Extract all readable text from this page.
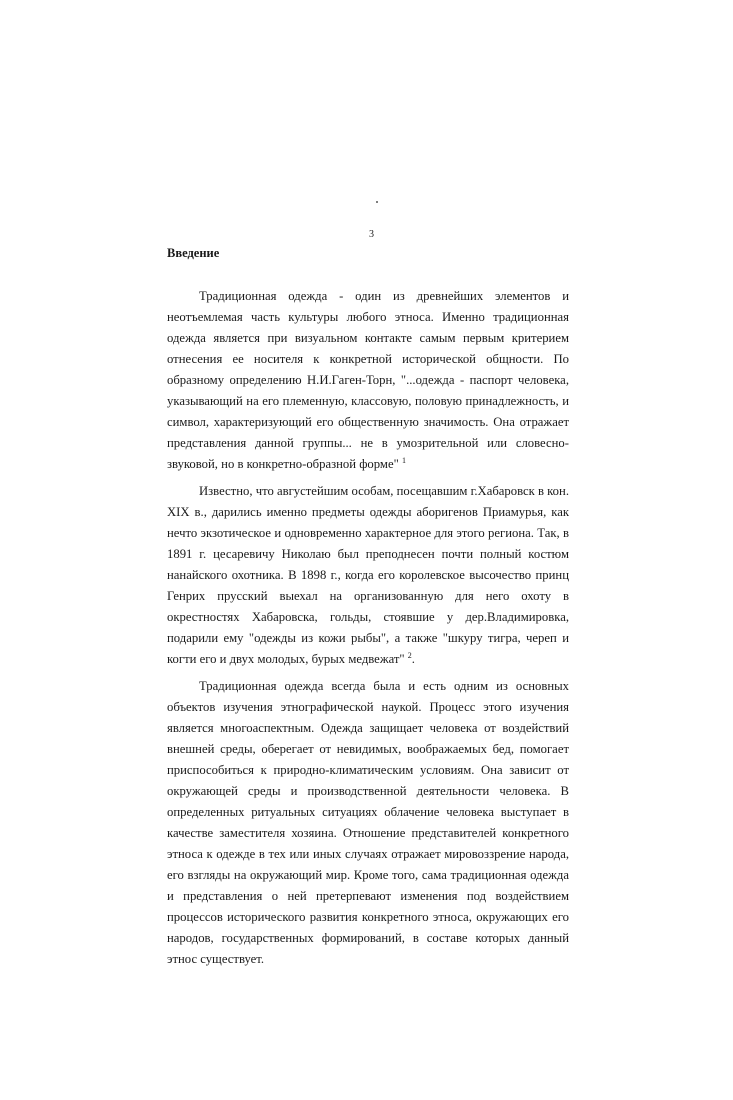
3
Введение

Традиционная одежда - один из древнейших элементов и неотъемлемая часть культуры любого этноса. Именно традиционная одежда является при визуальном контакте самым первым критерием отнесения ее носителя к конкретной исторической общности. По образному определению Н.И.Гаген-Торн, "...одежда - паспорт человека, указывающий на его племенную, классовую, половую принадлежность, и символ, характеризующий его общественную значимость. Она отражает представления данной группы... не в умозрительной или словесно-звуковой, но в конкретно-образной форме" $^1$

Известно, что августейшим особам, посещавшим г.Хабаровск в кон. XIX в., дарились именно предметы одежды аборигенов Приамурья, как нечто экзотическое и одновременно характерное для этого региона. Так, в 1891 г. цесаревичу Николаю был преподнесен почти полный костюм нанайского охотника. В 1898 г., когда его королевское высочество принц Генрих прусский выехал на организованную для него охоту в окрестностях Хабаровска, гольды, стоявшие у дер.Владимировка, подарили ему "одежды из кожи рыбы", а также "шкуру тигра, череп и когти его и двух молодых, бурых медвежат" $^2$.

Традиционная одежда всегда была и есть одним из основных объектов изучения этнографической наукой. Процесс этого изучения является многоаспектным. Одежда защищает человека от воздействий внешней среды, оберегает от невидимых, воображаемых бед, помогает приспособиться к природно-климатическим условиям. Она зависит от окружающей среды и производственной деятельности человека. В определенных ритуальных ситуациях облачение человека выступает в качестве заместителя хозяина. Отношение представителей конкретного этноса к одежде в тех или иных случаях отражает мировоззрение народа, его взгляды на окружающий мир. Кроме того, сама традиционная одежда и представления о ней претерпевают изменения под воздействием процессов исторического развития конкретного этноса, окружающих его народов, государственных формирований, в составе которых данный этнос существует.
